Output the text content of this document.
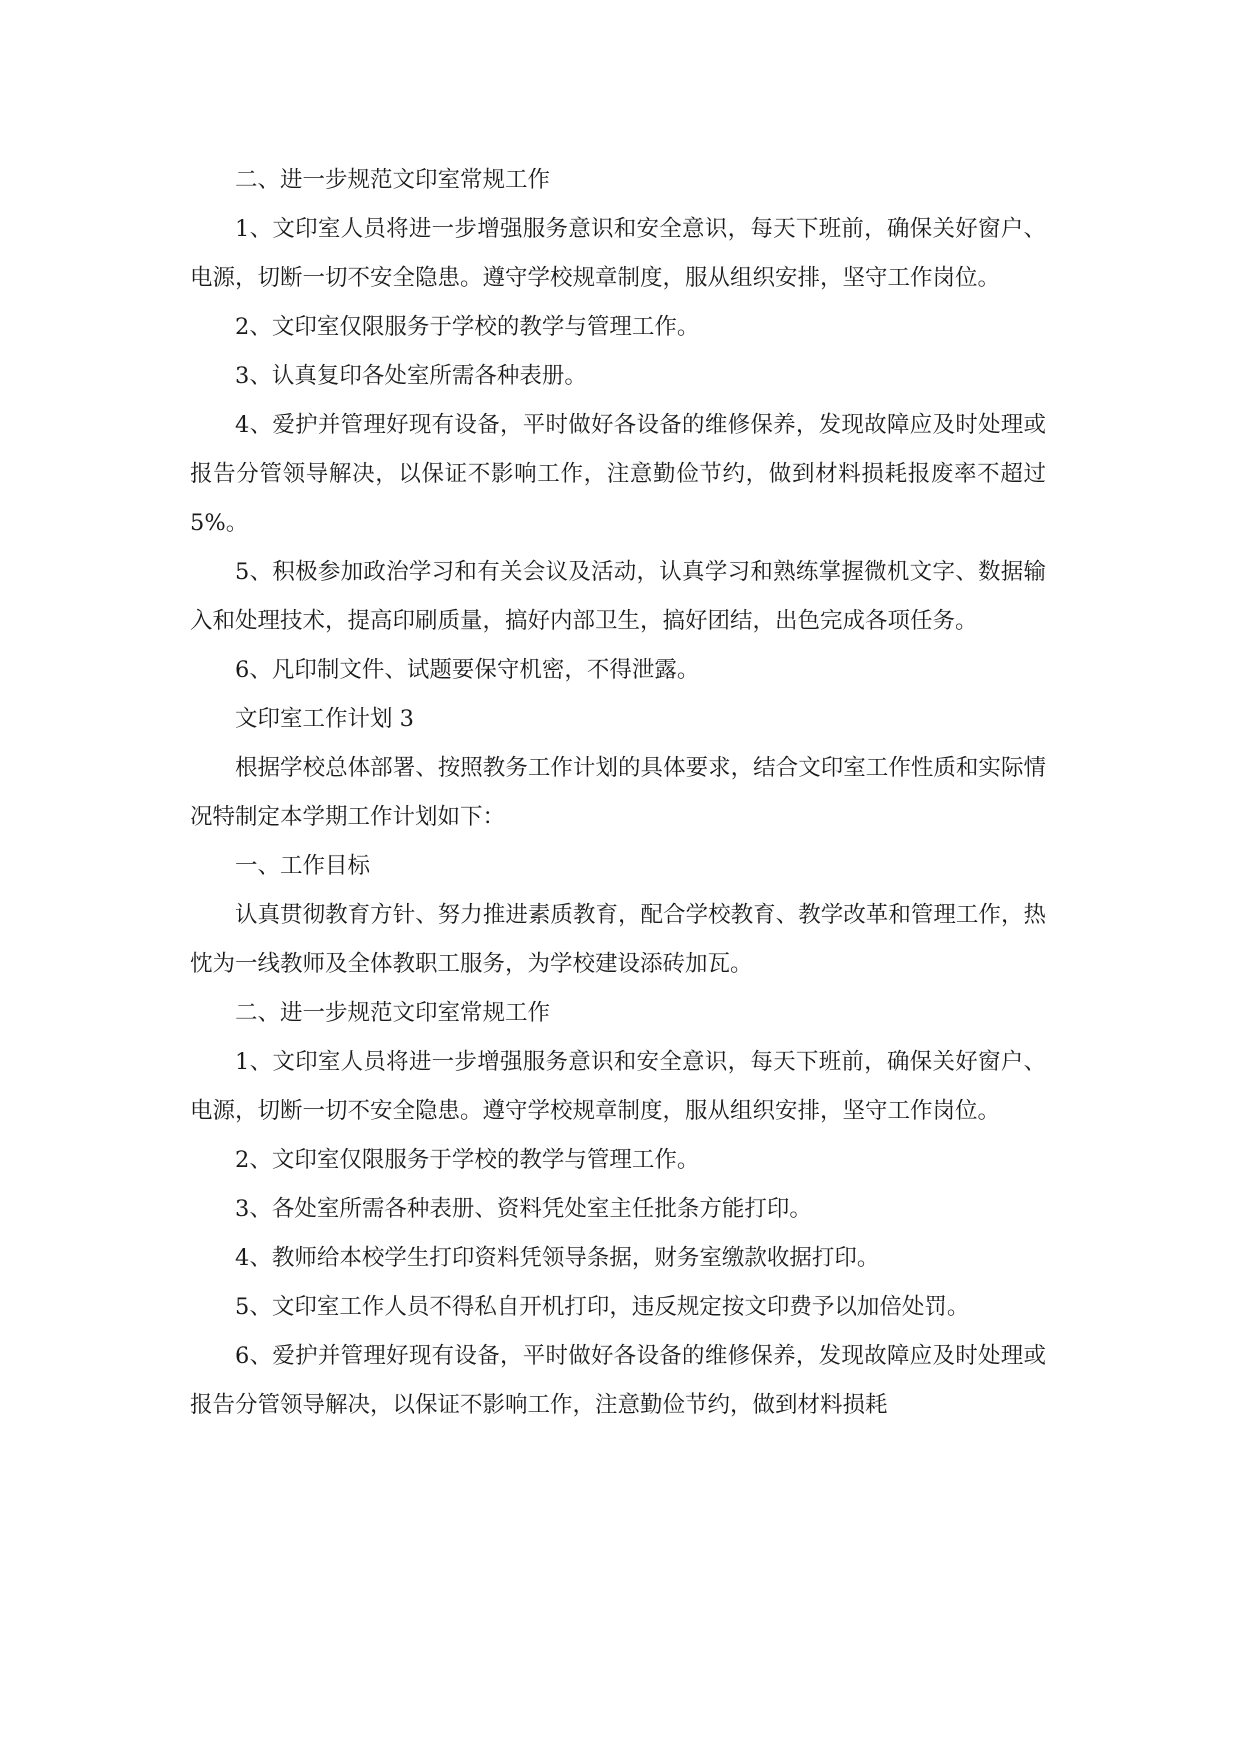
二、进一步规范文印室常规工作

1、文印室人员将进一步增强服务意识和安全意识，每天下班前，确保关好窗户、电源，切断一切不安全隐患。遵守学校规章制度，服从组织安排，坚守工作岗位。

2、文印室仅限服务于学校的教学与管理工作。

3、认真复印各处室所需各种表册。

4、爱护并管理好现有设备，平时做好各设备的维修保养，发现故障应及时处理或报告分管领导解决，以保证不影响工作，注意勤俭节约，做到材料损耗报废率不超过 5%。

5、积极参加政治学习和有关会议及活动，认真学习和熟练掌握微机文字、数据输入和处理技术，提高印刷质量，搞好内部卫生，搞好团结，出色完成各项任务。

6、凡印制文件、试题要保守机密，不得泄露。

文印室工作计划 3

根据学校总体部署、按照教务工作计划的具体要求，结合文印室工作性质和实际情况特制定本学期工作计划如下：

一、工作目标

认真贯彻教育方针、努力推进素质教育，配合学校教育、教学改革和管理工作，热忱为一线教师及全体教职工服务，为学校建设添砖加瓦。

二、进一步规范文印室常规工作

1、文印室人员将进一步增强服务意识和安全意识，每天下班前，确保关好窗户、电源，切断一切不安全隐患。遵守学校规章制度，服从组织安排，坚守工作岗位。

2、文印室仅限服务于学校的教学与管理工作。

3、各处室所需各种表册、资料凭处室主任批条方能打印。

4、教师给本校学生打印资料凭领导条据，财务室缴款收据打印。

5、文印室工作人员不得私自开机打印，违反规定按文印费予以加倍处罚。

6、爱护并管理好现有设备，平时做好各设备的维修保养，发现故障应及时处理或报告分管领导解决，以保证不影响工作，注意勤俭节约，做到材料损耗
